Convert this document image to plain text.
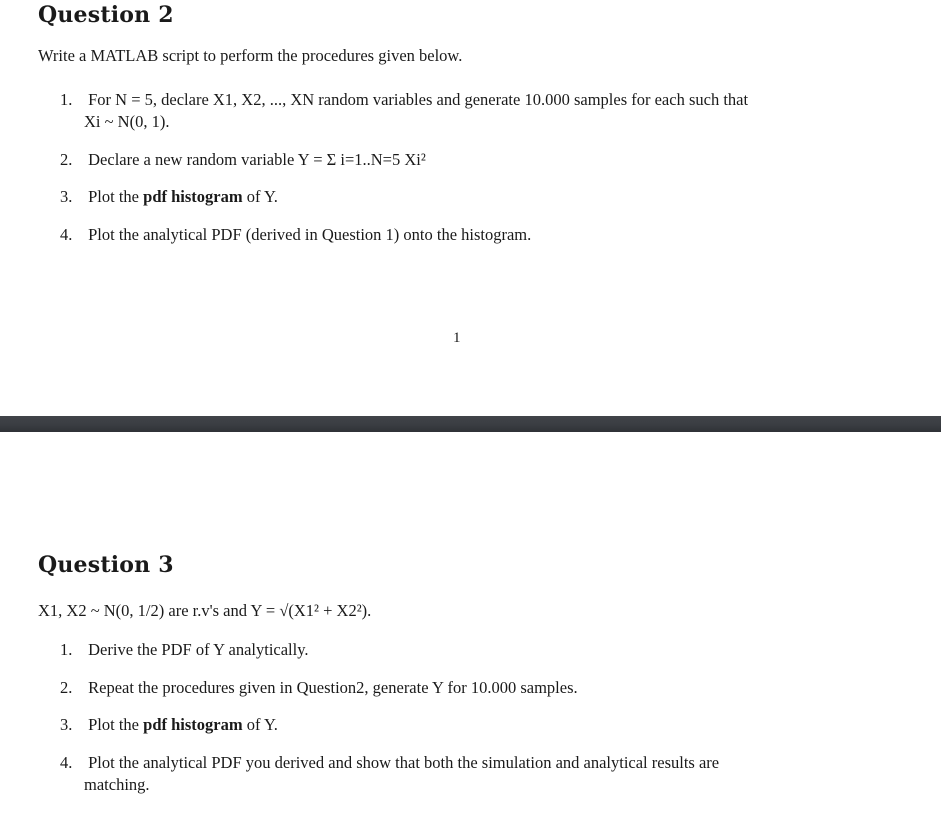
Question 2

Write a MATLAB script to perform the procedures given below.

1. For N = 5, declare X1, X2, ..., XN random variables and generate 10.000 samples for each such that
Xi ~ N(0, 1).
2. Declare a new random variable Y = Σ i=1..N=5 Xi²
3. Plot the pdf histogram of Y.
4. Plot the analytical PDF (derived in Question 1) onto the histogram.
1
Question 3

X1, X2 ~ N(0, 1/2) are r.v's and Y = √(X1² + X2²).

1. Derive the PDF of Y analytically.
2. Repeat the procedures given in Question2, generate Y for 10.000 samples.
3. Plot the pdf histogram of Y.
4. Plot the analytical PDF you derived and show that both the simulation and analytical results are
matching.
